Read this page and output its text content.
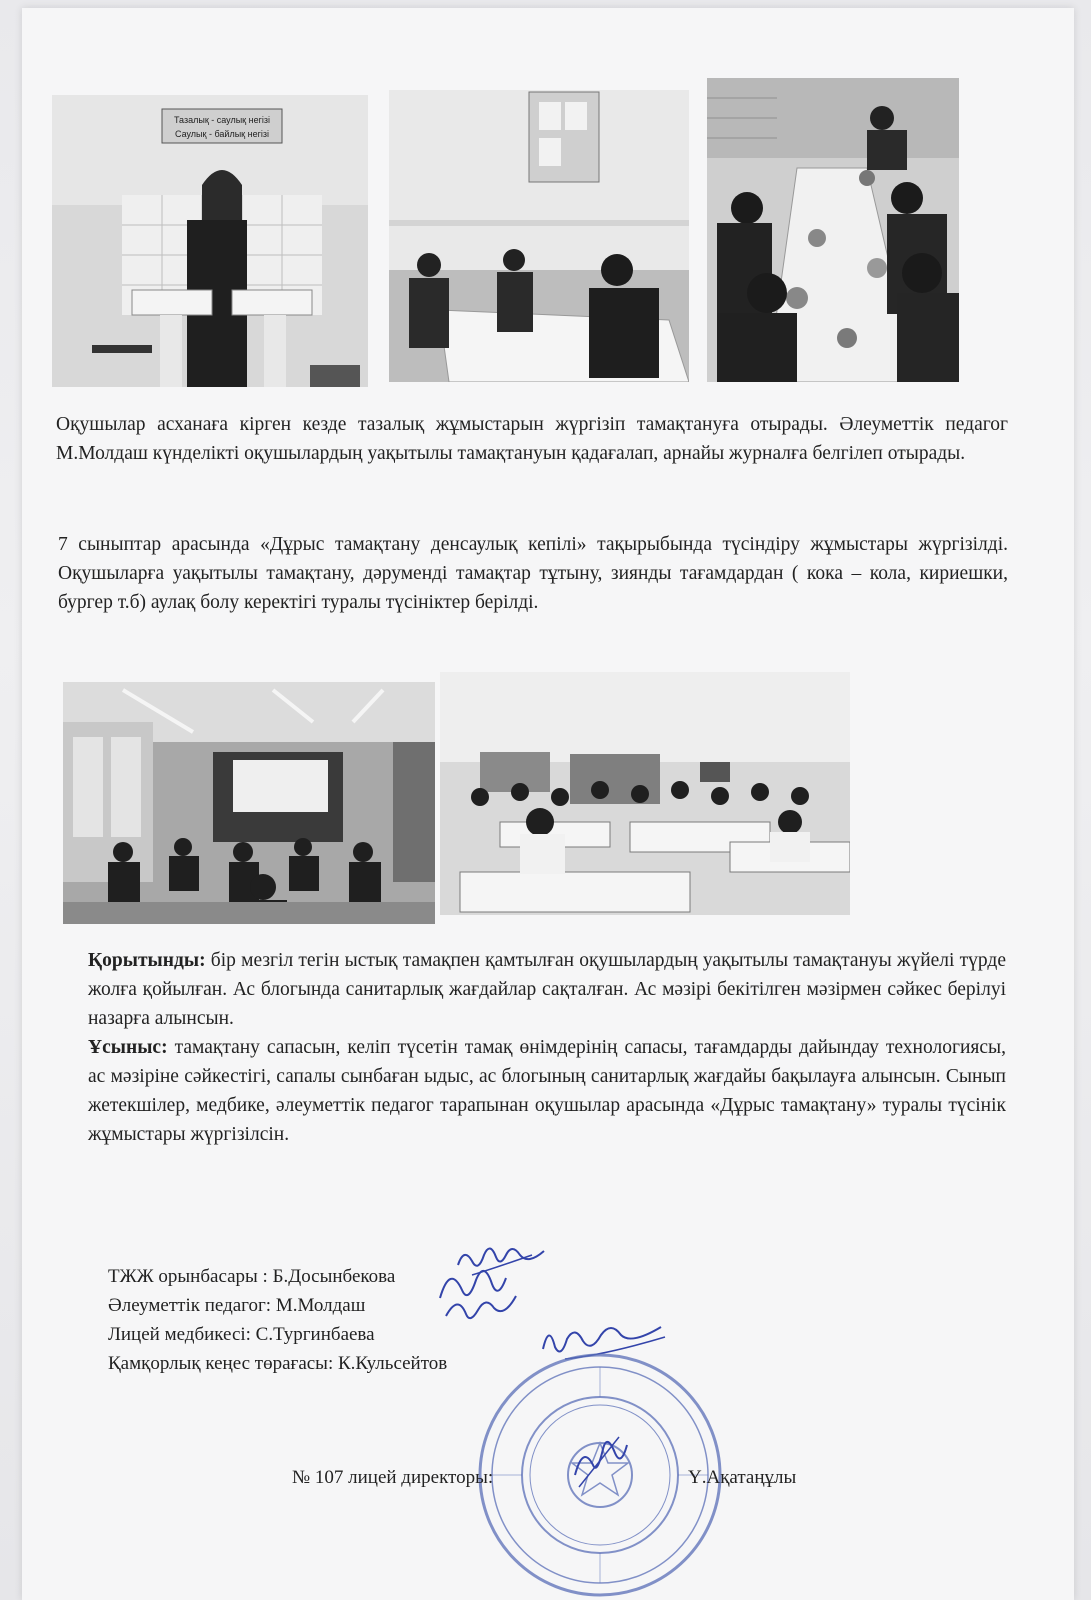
Тазалық - саулық негізі
Саулық - байлық негізі

Оқушылар асханаға кірген кезде тазалық жұмыстарын жүргізіп тамақтануға отырады. Әлеуметтік педагог М.Молдаш күнделікті оқушылардың уақытылы тамақтануын қадағалап, арнайы журналға белгілеп отырады.

7 сыныптар арасында «Дұрыс тамақтану денсаулық кепілі» тақырыбында түсіндіру жұмыстары жүргізілді. Оқушыларға уақытылы тамақтану, дәруменді тамақтар тұтыну, зиянды тағамдардан ( кока – кола, кириешки, бургер т.б) аулақ болу керектігі туралы түсініктер берілді.

Қорытынды: бір мезгіл тегін ыстық тамақпен қамтылған оқушылардың уақытылы тамақтануы жүйелі түрде жолға қойылған. Ас блогында санитарлық жағдайлар сақталған. Ас мәзірі бекітілген мәзірмен сәйкес берілуі назарға алынсын.

Ұсыныс: тамақтану сапасын, келіп түсетін тамақ өнімдерінің сапасы, тағамдарды дайындау технологиясы, ас мәзіріне сәйкестігі, сапалы сынбаған ыдыс, ас блогының санитарлық жағдайы бақылауға алынсын. Сынып жетекшілер, медбике, әлеуметтік педагог тарапынан оқушылар арасында «Дұрыс тамақтану» туралы түсінік жұмыстары жүргізілсін.

ТЖЖ орынбасары : Б.Досынбекова
Әлеуметтік педагог: М.Молдаш
Лицей медбикесі: С.Тургинбаева
Қамқорлық кеңес төрағасы: К.Кульсейтов
№ 107 лицей директоры:	Ү.Ақатаңұлы
